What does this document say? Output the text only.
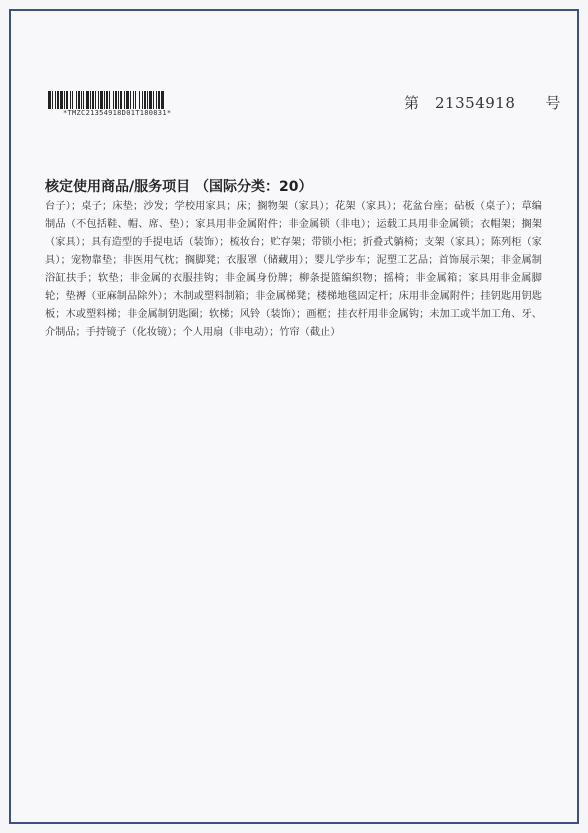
*TMZC21354918D01T180831*
第 21354918 号
核定使用商品/服务项目 （国际分类：20）
台子）；桌子；床垫；沙发；学校用家具；床；搁物架（家具）；花架（家具）；花盆台座；砧板（桌子）；草编制品（不包括鞋、帽、席、垫）；家具用非金属附件；非金属锁（非电）；运载工具用非金属锁；衣帽架；搁架（家具）；具有造型的手提电话（装饰）；梳妆台；贮存架；带锁小柜；折叠式躺椅；支架（家具）；陈列柜（家具）；宠物靠垫；非医用气枕；搁脚凳；衣服罩（储藏用）；婴儿学步车；泥塑工艺品；首饰展示架；非金属制浴缸扶手；软垫；非金属的衣服挂钩；非金属身份牌；柳条提篮编织物；摇椅；非金属箱；家具用非金属脚轮；垫褥（亚麻制品除外）；木制或塑料制箱；非金属梯凳；楼梯地毯固定杆；床用非金属附件；挂钥匙用钥匙板；木或塑料梯；非金属制钥匙圈；软梯；风铃（装饰）；画框；挂衣杆用非金属钩；未加工或半加工角、牙、介制品；手持镜子（化妆镜）；个人用扇（非电动）；竹帘（截止）
